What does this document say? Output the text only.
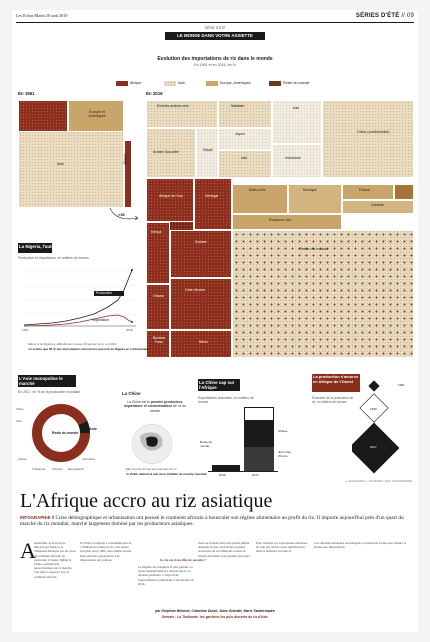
Les Echos Mardi 20 août 2019	SÉRIES D'ÉTÉ // 09
SÉRIE D'ÉTÉ
LE MONDE DANS VOTRE ASSIETTE
Evolution des importations de riz dans le monde
En 1961 et en 2016, en %
Afrique	Asie	Europe, Amériques	Reste du monde
En 1961
Asie
Europe et Amériques
Afrique
×36
En 2016
Emirats arabes unis	Malaisie	Iran
Chine (continentale)
Japon
Arabie Saoudite	Népal
Irak	Indonésie
Etats-Unis	Mexique	France
Canada
Royaume-Uni
Afrique du Sud	Sénégal
Kenya
Guinée
Ghana
Côte d'Ivoire
Burkina Faso	Bénin
Reste du monde
La Nigeria, l'autosuffisance à tout prix
Production et importation, en milliers de tonnes
Production
Importation
1961	2016
Même si le Nigeria a officiellement cessé d'importer du riz en 2016,
on estime que 80 % des importations béninoises passent au Nigeria en contrebande.
L'Asie monopolise le marché
En 2017, en % de la production mondiale
Reste du monde
Asie
Chine
Inde
Indonésie
Bangladesh
Vietnam
Thaïlande
Autres
La Chine
La Chine est le premier producteur, importateur et consommateur de riz au monde
Elle importe 2/3 de ses volumes de riz
du Pékin détient la clef de la stabilité du marché mondial
La Chine cap sur l'Afrique
Exportations chinoises, en milliers de tonnes
Reste du monde
Afrique
dont Côte d'Ivoire
2016	2017
La production s'amorce en Afrique de l'Ouest
Évolution de la production de riz, en milliers de tonnes
1961
1990
2017
« LES ECHOS » / SOURCES : FAO, UNCOMTRADE
L'Afrique accro au riz asiatique
INFOGRAPHIE // Crise démographique et urbanisation ont poussé le continent africain à bousculer son régime alimentaire au profit du riz. Il importe aujourd'hui près d'un quart du marché du riz mondial, marché largement dominé par les producteurs asiatiques.
A
ujourd'hui, le nord du riz importé par l'Inde et la Thaïlande débarque sur les côtes du continent africain, en particulier à l'ouest. Même la Chine, pourtant très protectionniste sur ce marché, s'est mise à exporter vers le continent africain.
En 2016, le Nigeria a consommé près de 7 millions de tonnes de riz, soit quatre fois plus qu'en 1990, alors même qu'elle était autrefois exportatrice. Les importations ont explosé.	Le riz est-il un filet de sécurité ?
Le Nigeria est l'exemple le plus parlant. Le gouvernement fédéral a décrété que le riz devient prioritaire. L'objectif de l'autosuffisance alimentaire a été décrété en 2016.
Tout ceci plaide bien plus qu'une simple demande locale, un marché en pleine croissance où les différents acteurs se battent désormais pour prendre des parts.
Pour l'instant, les exportations chinoises ne sont pas encore assez significatives, mais la tendance est bien là.
Les autorités nationales encouragent la production locale pour réduire la facture des importations.
par Delphine Béhuret, Catherine Doise, Jules Grandin, Marie Taudermadre
Demain : La Thaïlande, les gardiens les plus discrets du riz d'Asie
